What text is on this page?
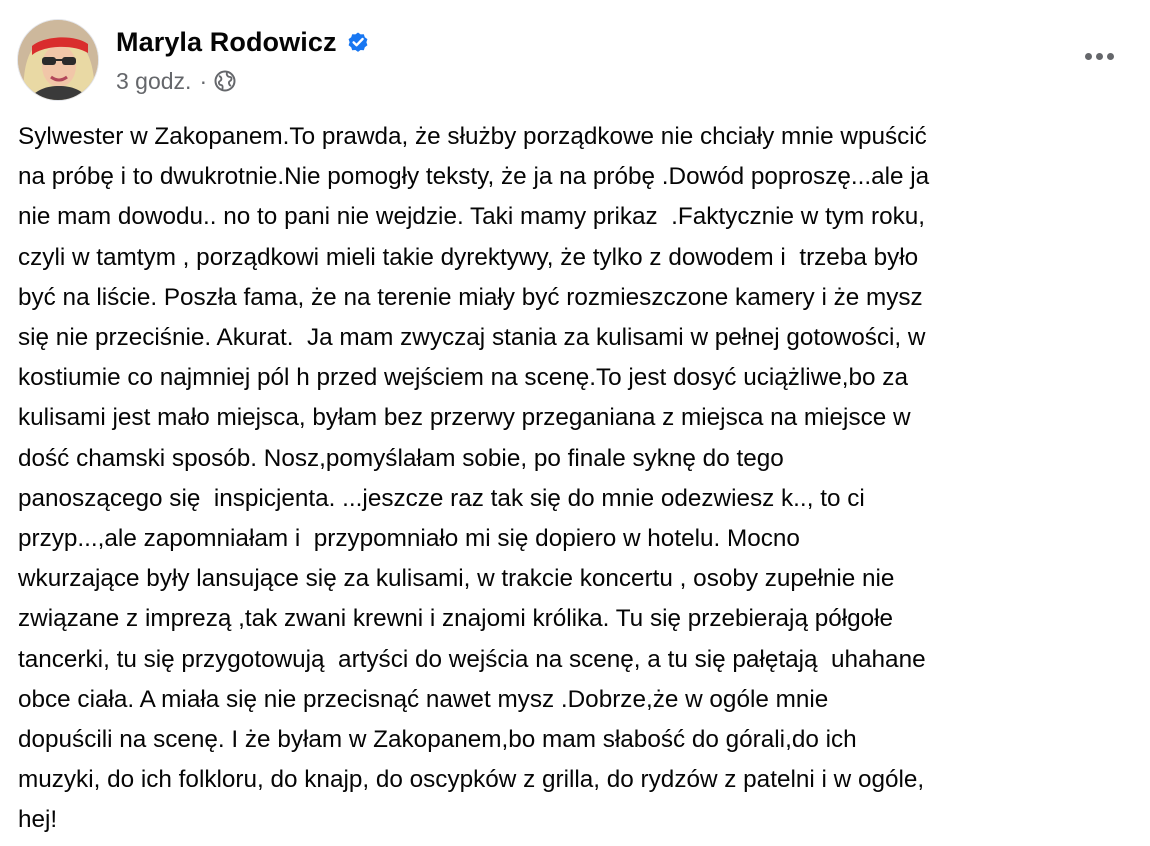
Maryla Rodowicz
3 godz. ·
Sylwester w Zakopanem.To prawda, że służby porządkowe nie chciały mnie wpuścić
na próbę i to dwukrotnie.Nie pomogły teksty, że ja na próbę .Dowód poproszę...ale ja
nie mam dowodu.. no to pani nie wejdzie. Taki mamy prikaz  .Faktycznie w tym roku,
czyli w tamtym , porządkowi mieli takie dyrektywy, że tylko z dowodem i  trzeba było
być na liście. Poszła fama, że na terenie miały być rozmieszczone kamery i że mysz
się nie przeciśnie. Akurat.  Ja mam zwyczaj stania za kulisami w pełnej gotowości, w
kostiumie co najmniej pól h przed wejściem na scenę.To jest dosyć uciążliwe,bo za
kulisami jest mało miejsca, byłam bez przerwy przeganiana z miejsca na miejsce w
dość chamski sposób. Nosz,pomyślałam sobie, po finale syknę do tego
panoszącego się  inspicjenta. ...jeszcze raz tak się do mnie odezwiesz k.., to ci
przyp...,ale zapomniałam i  przypomniało mi się dopiero w hotelu. Mocno
wkurzające były lansujące się za kulisami, w trakcie koncertu , osoby zupełnie nie
związane z imprezą ,tak zwani krewni i znajomi królika. Tu się przebierają półgołe
tancerki, tu się przygotowują  artyści do wejścia na scenę, a tu się pałętają  uhahane
obce ciała. A miała się nie przecisnąć nawet mysz .Dobrze,że w ogóle mnie
dopuścili na scenę. I że byłam w Zakopanem,bo mam słabość do górali,do ich
muzyki, do ich folkloru, do knajp, do oscypków z grilla, do rydzów z patelni i w ogóle,
hej!
